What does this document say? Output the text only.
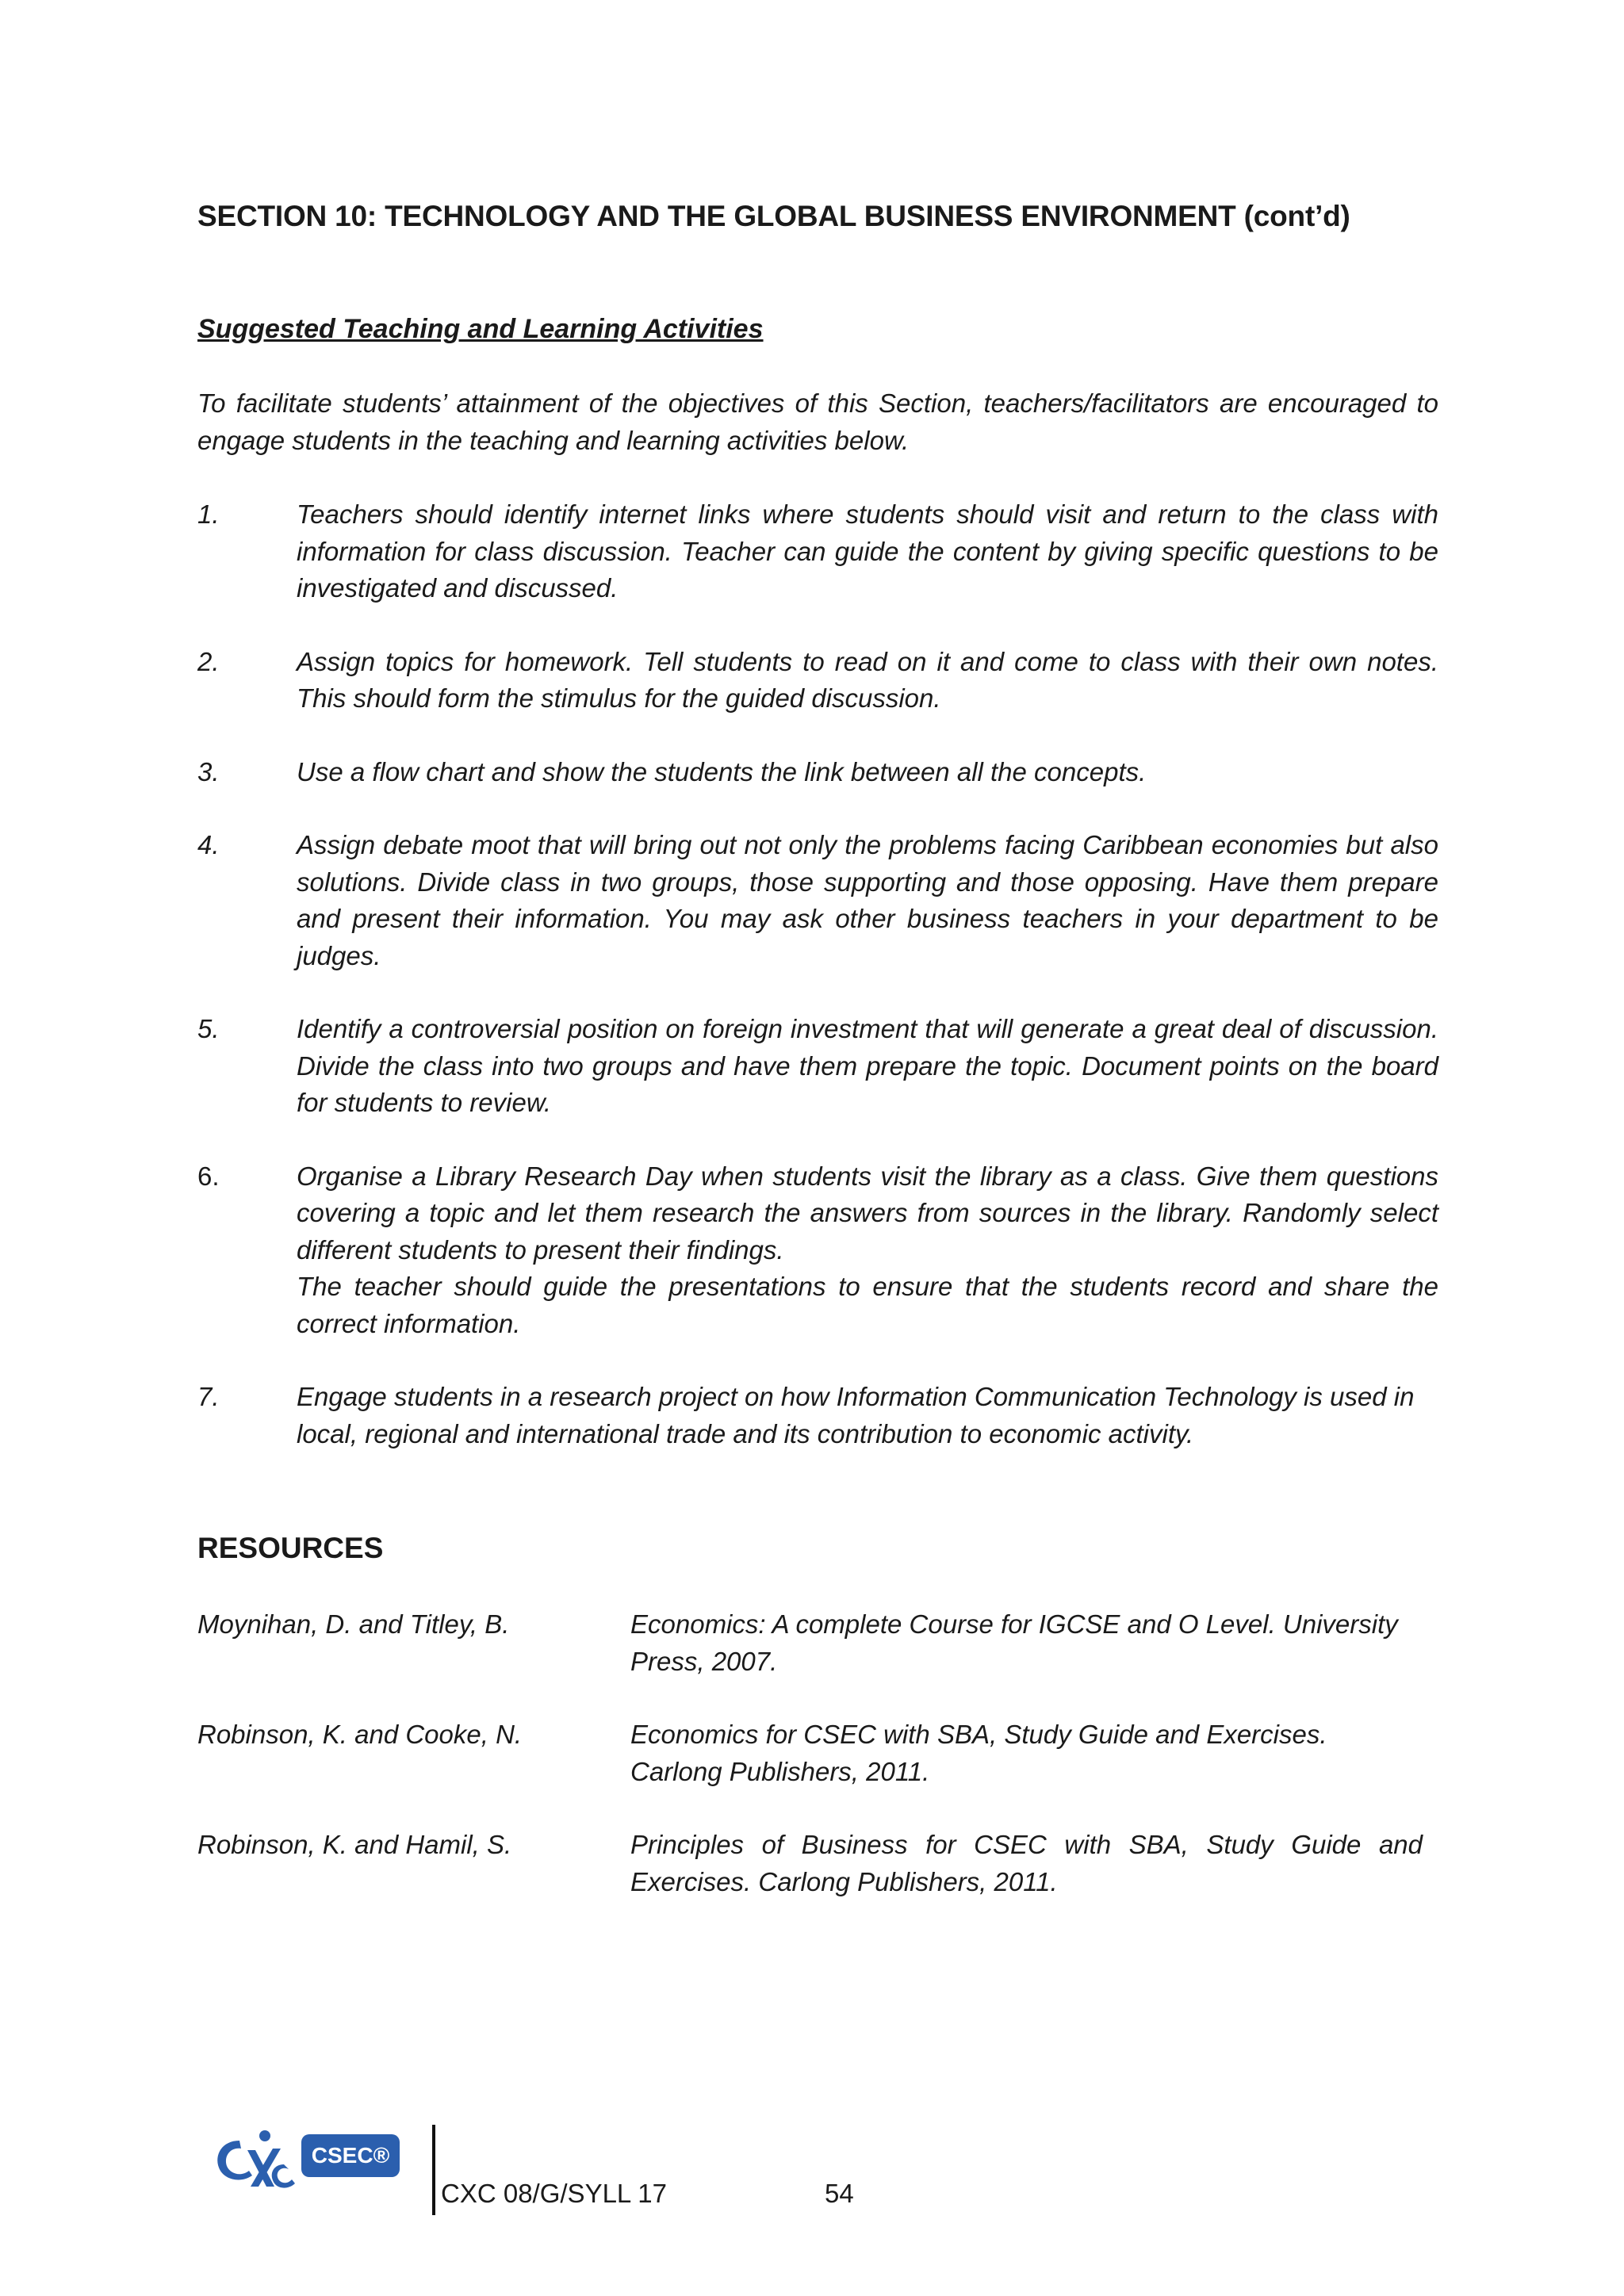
SECTION 10: TECHNOLOGY AND THE GLOBAL BUSINESS ENVIRONMENT (cont’d)
Suggested Teaching and Learning Activities
To facilitate students’ attainment of the objectives of this Section, teachers/facilitators are encouraged to engage students in the teaching and learning activities below.
1.	Teachers should identify internet links where students should visit and return to the class with information for class discussion. Teacher can guide the content by giving specific questions to be investigated and discussed.
2.	Assign topics for homework. Tell students to read on it and come to class with their own notes. This should form the stimulus for the guided discussion.
3.	Use a flow chart and show the students the link between all the concepts.
4.	Assign debate moot that will bring out not only the problems facing Caribbean economies but also solutions. Divide class in two groups, those supporting and those opposing. Have them prepare and present their information. You may ask other business teachers in your department to be judges.
5.	Identify a controversial position on foreign investment that will generate a great deal of discussion. Divide the class into two groups and have them prepare the topic. Document points on the board for students to review.
6.	Organise a Library Research Day when students visit the library as a class. Give them questions covering a topic and let them research the answers from sources in the library. Randomly select different students to present their findings.
The teacher should guide the presentations to ensure that the students record and share the correct information.
7.	Engage students in a research project on how Information Communication Technology is used in local, regional and international trade and its contribution to economic activity.
RESOURCES
Moynihan, D. and Titley, B.	Economics: A complete Course for IGCSE and O Level. University Press, 2007.
Robinson, K. and Cooke, N.	Economics for CSEC with SBA, Study Guide and Exercises. Carlong Publishers, 2011.
Robinson, K. and Hamil, S.	Principles of Business for CSEC with SBA, Study Guide and Exercises. Carlong Publishers, 2011.
CSEC®
CXC 08/G/SYLL 17	54
